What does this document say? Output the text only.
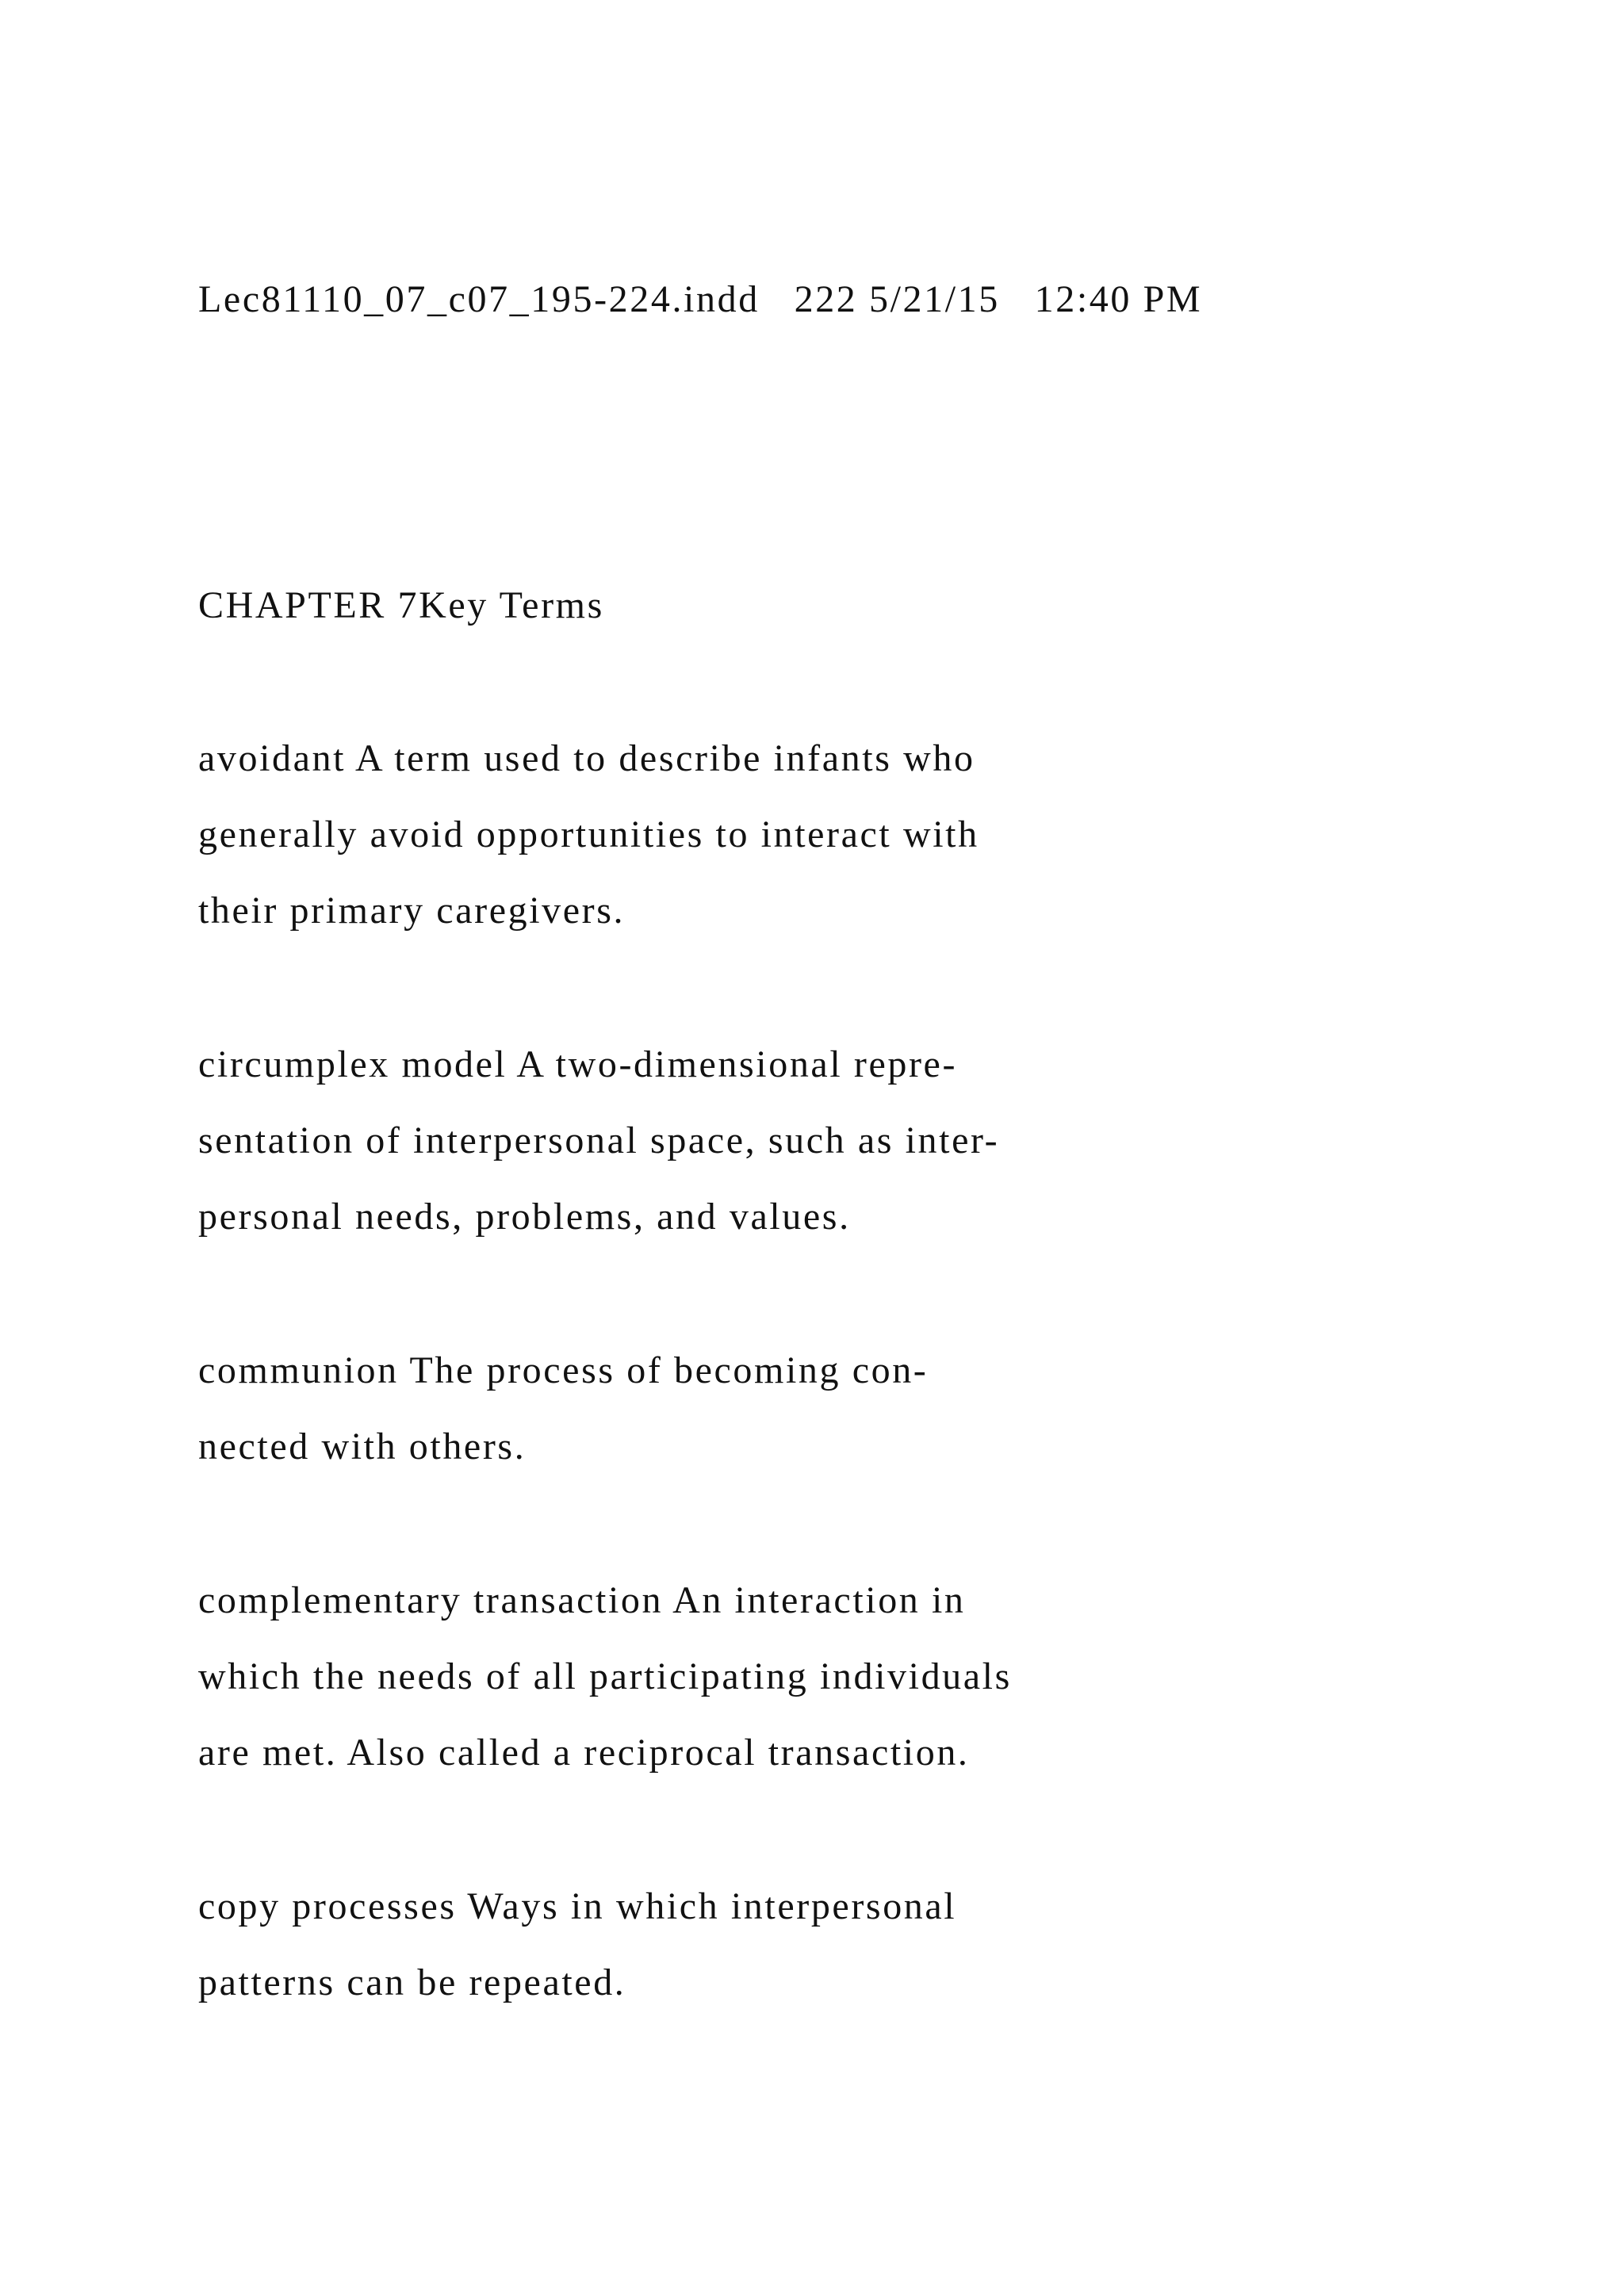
Lec81110_07_c07_195-224.indd   222 5/21/15   12:40 PM

CHAPTER 7Key Terms

avoidant A term used to describe infants who

generally avoid opportunities to interact with

their primary caregivers.

circumplex model A two-dimensional repre-

sentation of interpersonal space, such as inter-

personal needs, problems, and values.

communion The process of becoming con-

nected with others.

complementary transaction An interaction in

which the needs of all participating individuals

are met. Also called a reciprocal transaction.

copy processes Ways in which interpersonal

patterns can be repeated.
